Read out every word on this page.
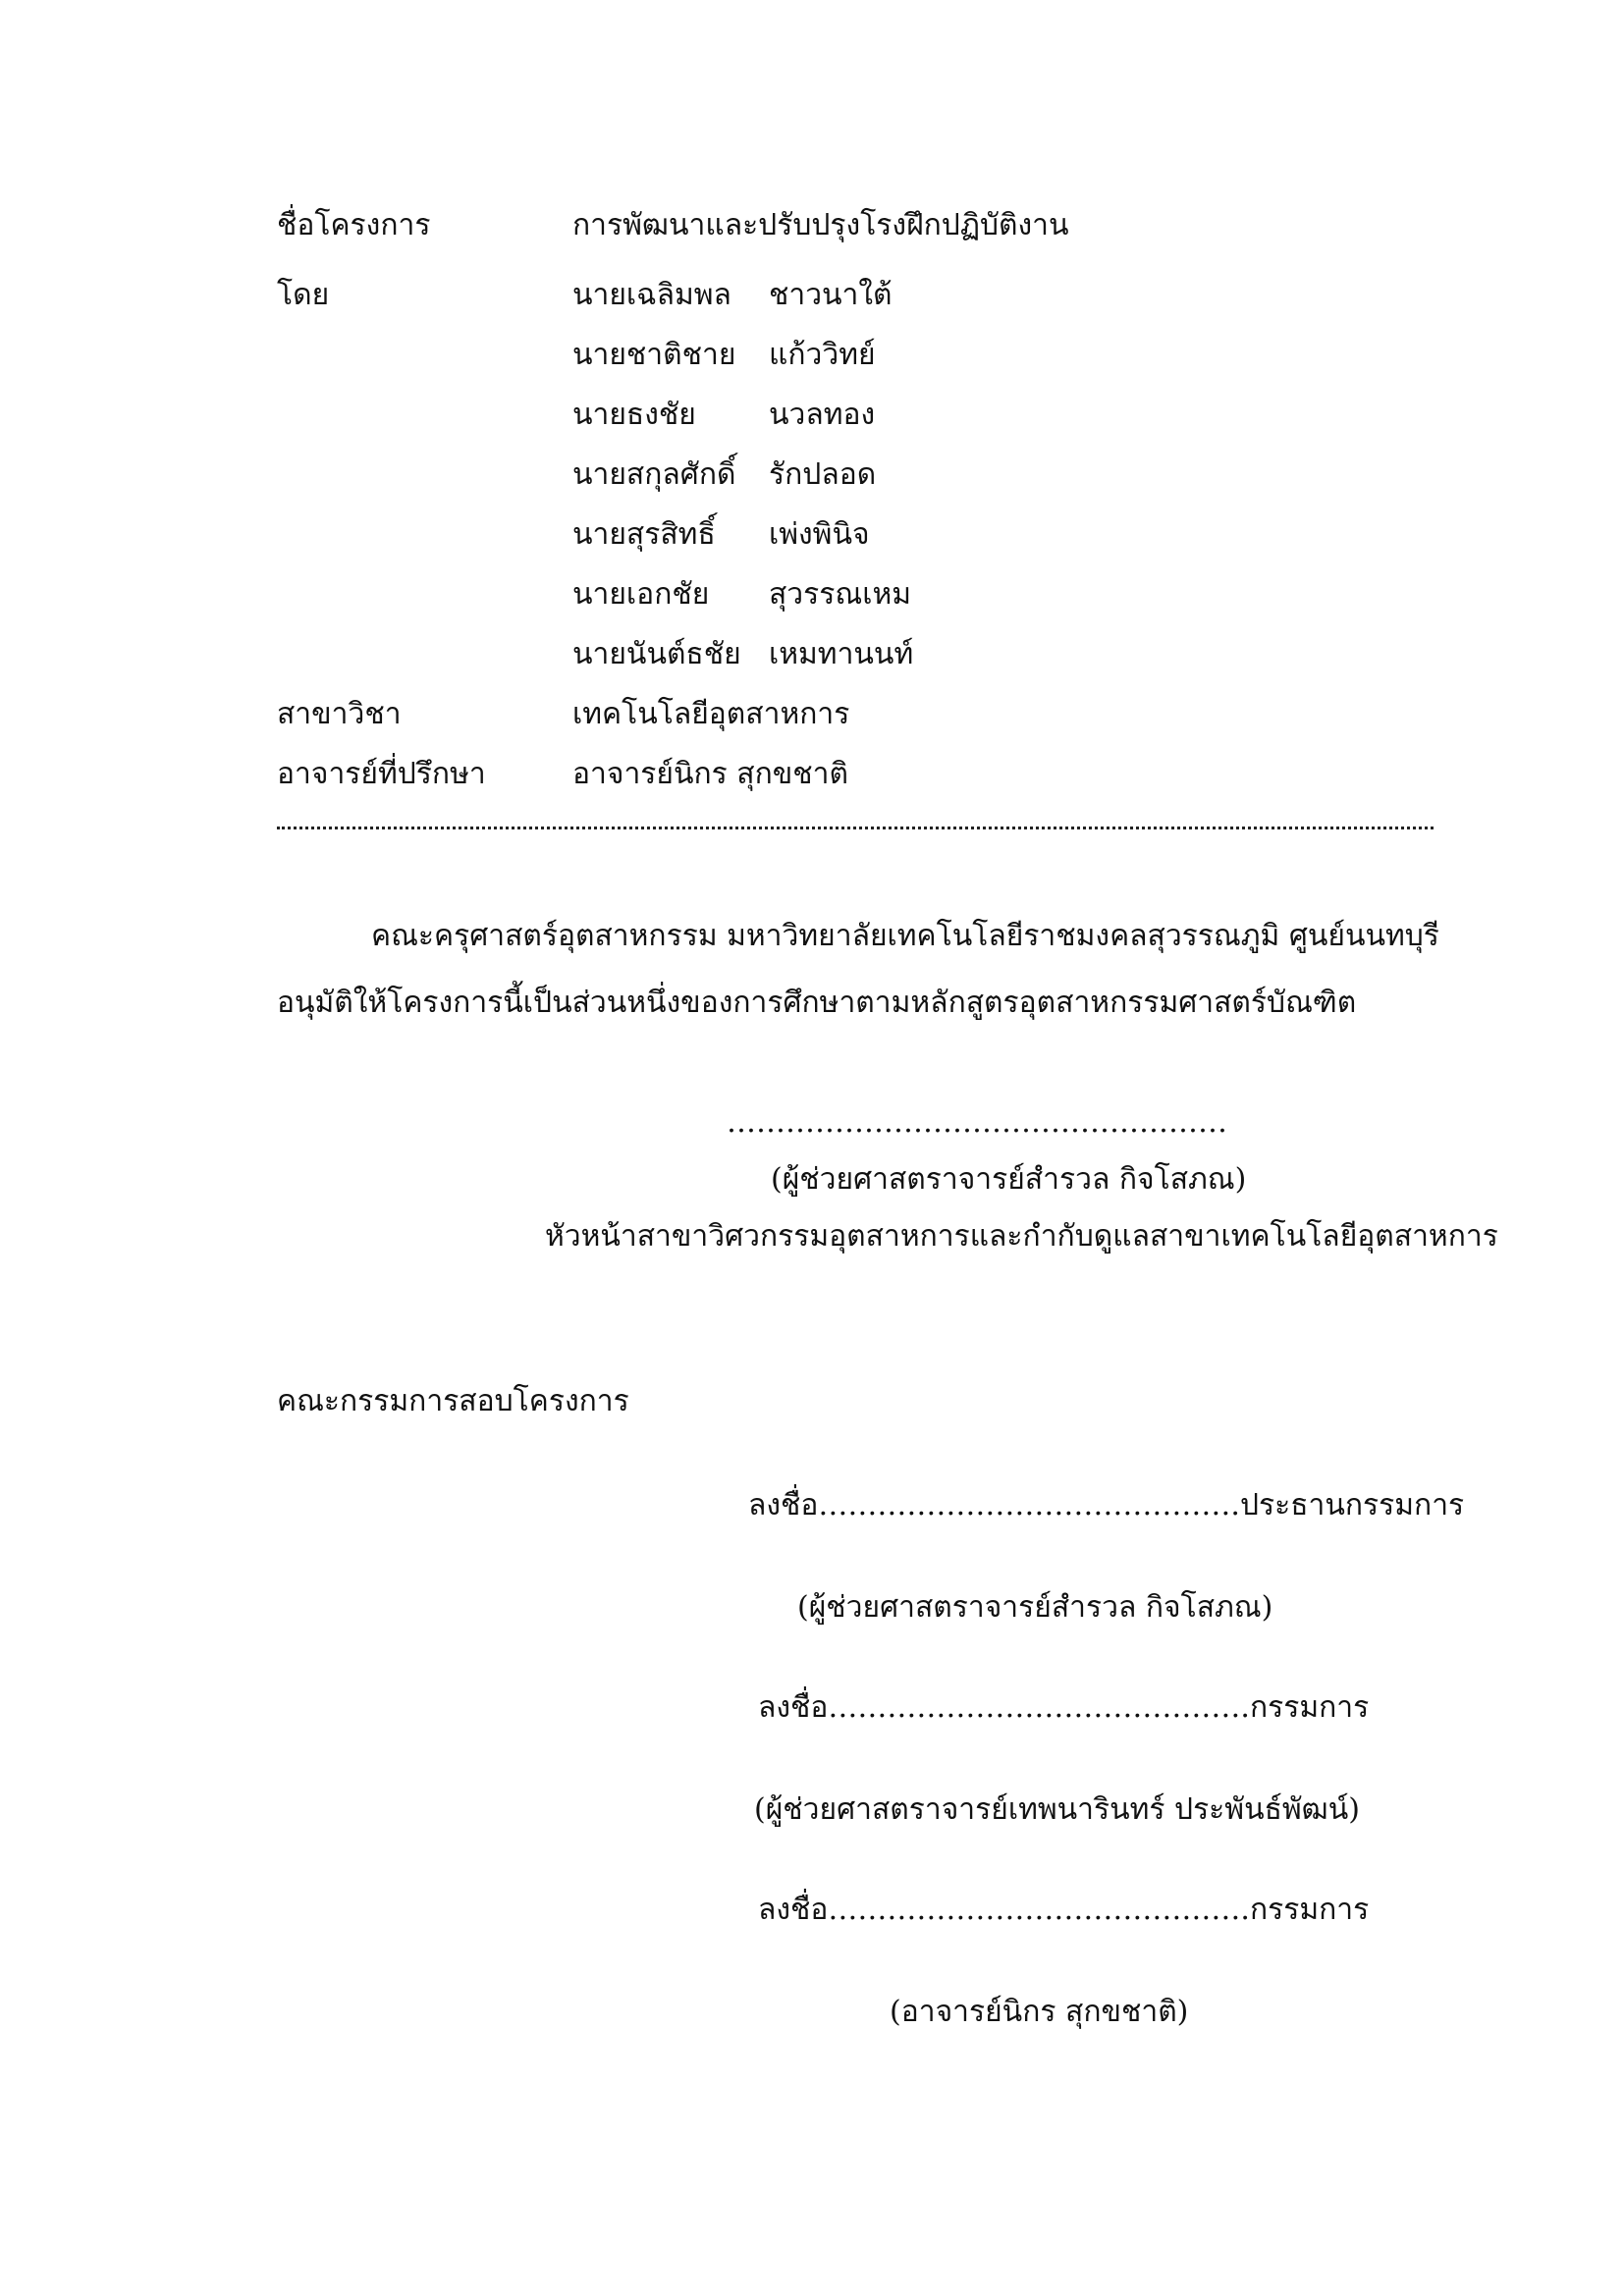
ชื่อโครงการ	การพัฒนาและปรับปรุงโรงฝึกปฏิบัติงาน
โดย	นายเฉลิมพล ชาวนาใต้
นายชาติชาย แก้ววิทย์
นายธงชัย นวลทอง
นายสกุลศักดิ์ รักปลอด
นายสุรสิทธิ์ เพ่งพินิจ
นายเอกชัย สุวรรณเหม
นายนันต์ธชัย เหมทานนท์
สาขาวิชา	เทคโนโลยีอุตสาหการ
อาจารย์ที่ปรึกษา	อาจารย์นิกร สุกขชาติ
คณะครุศาสตร์อุตสาหกรรม มหาวิทยาลัยเทคโนโลยีราชมงคลสุวรรณภูมิ ศูนย์นนทบุรี
อนุมัติให้โครงการนี้เป็นส่วนหนึ่งของการศึกษาตามหลักสูตรอุตสาหกรรมศาสตร์บัณฑิต
……………………………………………
(ผู้ช่วยศาสตราจารย์สำรวล กิจโสภณ)
หัวหน้าสาขาวิศวกรรมอุตสาหการและกำกับดูแลสาขาเทคโนโลยีอุตสาหการ
คณะกรรมการสอบโครงการ
ลงชื่อ…………………………………….ประธานกรรมการ
(ผู้ช่วยศาสตราจารย์สำรวล กิจโสภณ)
ลงชื่อ…………………………………….กรรมการ
(ผู้ช่วยศาสตราจารย์เทพนารินทร์ ประพันธ์พัฒน์)
ลงชื่อ…………………………………….กรรมการ
(อาจารย์นิกร สุกขชาติ)
